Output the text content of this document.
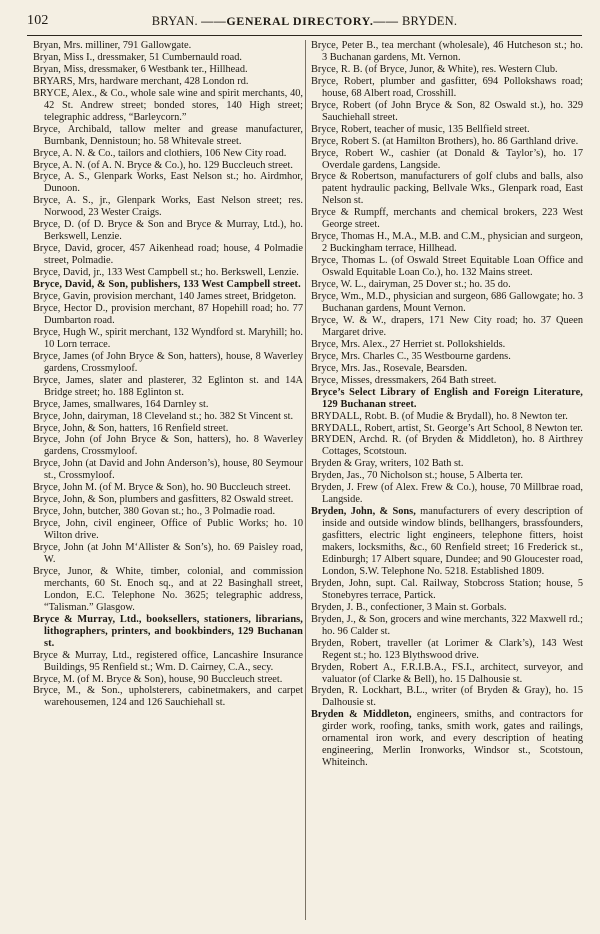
102	BRYAN. ——GENERAL DIRECTORY.—— BRYDEN.

Bryan, Mrs. milliner, 791 Gallowgate.

Bryan, Miss I., dressmaker, 51 Cumbernauld road.

Bryan, Miss, dressmaker, 6 Westbank ter., Hillhead.

BRYARS, Mrs, hardware merchant, 428 London rd.

BRYCE, Alex., & Co., whole sale wine and spirit merchants, 40, 42 St. Andrew street; bonded stores, 140 High street; telegraphic address, “Barleycorn.”

Bryce, Archibald, tallow melter and grease manufacturer, Burnbank, Dennistoun; ho. 58 Whitevale street.

Bryce, A. N. & Co., tailors and clothiers, 106 New City road.

Bryce, A. N. (of A. N. Bryce & Co.), ho. 129 Buccleuch street.

Bryce, A. S., Glenpark Works, East Nelson st.; ho. Airdmhor, Dunoon.

Bryce, A. S., jr., Glenpark Works, East Nelson street; res. Norwood, 23 Wester Craigs.

Bryce, D. (of D. Bryce & Son and Bryce & Murray, Ltd.), ho. Berkswell, Lenzie.

Bryce, David, grocer, 457 Aikenhead road; house, 4 Polmadie street, Polmadie.

Bryce, David, jr., 133 West Campbell st.; ho. Berkswell, Lenzie.

Bryce, David, & Son, publishers, 133 West Campbell street.

Bryce, Gavin, provision merchant, 140 James street, Bridgeton.

Bryce, Hector D., provision merchant, 87 Hopehill road; ho. 77 Dumbarton road.

Bryce, Hugh W., spirit merchant, 132 Wyndford st. Maryhill; ho. 10 Lorn terrace.

Bryce, James (of John Bryce & Son, hatters), house, 8 Waverley gardens, Crossmyloof.

Bryce, James, slater and plasterer, 32 Eglinton st. and 14A Bridge street; ho. 188 Eglinton st.

Bryce, James, smallwares, 164 Darnley st.

Bryce, John, dairyman, 18 Cleveland st.; ho. 382 St Vincent st.

Bryce, John, & Son, hatters, 16 Renfield street.

Bryce, John (of John Bryce & Son, hatters), ho. 8 Waverley gardens, Crossmyloof.

Bryce, John (at David and John Anderson’s), house, 80 Seymour st., Crossmyloof.

Bryce, John M. (of M. Bryce & Son), ho. 90 Buccleuch street.

Bryce, John, & Son, plumbers and gasfitters, 82 Oswald street.

Bryce, John, butcher, 380 Govan st.; ho., 3 Polmadie road.

Bryce, John, civil engineer, Office of Public Works; ho. 10 Wilton drive.

Bryce, John (at John M‘Allister & Son’s), ho. 69 Paisley road, W.

Bryce, Junor, & White, timber, colonial, and commission merchants, 60 St. Enoch sq., and at 22 Basinghall street, London, E.C. Telephone No. 3625; telegraphic address, “Talisman.” Glasgow.

Bryce & Murray, Ltd., booksellers, stationers, librarians, lithographers, printers, and bookbinders, 129 Buchanan st.

Bryce & Murray, Ltd., registered office, Lancashire Insurance Buildings, 95 Renfield st.; Wm. D. Cairney, C.A., secy.

Bryce, M. (of M. Bryce & Son), house, 90 Buccleuch street.

Bryce, M., & Son., upholsterers, cabinetmakers, and carpet warehousemen, 124 and 126 Sauchiehall st.

Bryce, Peter B., tea merchant (wholesale), 46 Hutcheson st.; ho. 3 Buchanan gardens, Mt. Vernon.

Bryce, R. B. (of Bryce, Junor, & White), res. Western Club.

Bryce, Robert, plumber and gasfitter, 694 Pollokshaws road; house, 68 Albert road, Crosshill.

Bryce, Robert (of John Bryce & Son, 82 Oswald st.), ho. 329 Sauchiehall street.

Bryce, Robert, teacher of music, 135 Bellfield street.

Bryce, Robert S. (at Hamilton Brothers), ho. 86 Garthland drive.

Bryce, Robert W., cashier (at Donald & Taylor’s), ho. 17 Overdale gardens, Langside.

Bryce & Robertson, manufacturers of golf clubs and balls, also patent hydraulic packing, Bellvale Wks., Glenpark road, East Nelson st.

Bryce & Rumpff, merchants and chemical brokers, 223 West George street.

Bryce, Thomas H., M.A., M.B. and C.M., physician and surgeon, 2 Buckingham terrace, Hillhead.

Bryce, Thomas L. (of Oswald Street Equitable Loan Office and Oswald Equitable Loan Co.), ho. 132 Mains street.

Bryce, W. L., dairyman, 25 Dover st.; ho. 35 do.

Bryce, Wm., M.D., physician and surgeon, 686 Gallowgate; ho. 3 Buchanan gardens, Mount Vernon.

Bryce, W. & W., drapers, 171 New City road; ho. 37 Queen Margaret drive.

Bryce, Mrs. Alex., 27 Herriet st. Pollokshields.

Bryce, Mrs. Charles C., 35 Westbourne gardens.

Bryce, Mrs. Jas., Rosevale, Bearsden.

Bryce, Misses, dressmakers, 264 Bath street.

Bryce’s Select Library of English and Foreign Literature, 129 Buchanan street.

BRYDALL, Robt. B. (of Mudie & Brydall), ho. 8 Newton ter.

BRYDALL, Robert, artist, St. George’s Art School, 8 Newton ter.

BRYDEN, Archd. R. (of Bryden & Middleton), ho. 8 Airthrey Cottages, Scotstoun.

Bryden & Gray, writers, 102 Bath st.

Bryden, Jas., 70 Nicholson st.; house, 5 Alberta ter.

Bryden, J. Frew (of Alex. Frew & Co.), house, 70 Millbrae road, Langside.

Bryden, John, & Sons, manufacturers of every description of inside and outside window blinds, bellhangers, brassfounders, gasfitters, electric light engineers, telephone fitters, hoist makers, locksmiths, &c., 60 Renfield street; 16 Frederick st., Edinburgh; 17 Albert square, Dundee; and 90 Gloucester road, London, S.W. Telephone No. 5218. Established 1809.

Bryden, John, supt. Cal. Railway, Stobcross Station; house, 5 Stonebyres terrace, Partick.

Bryden, J. B., confectioner, 3 Main st. Gorbals.

Bryden, J., & Son, grocers and wine merchants, 322 Maxwell rd.; ho. 96 Calder st.

Bryden, Robert, traveller (at Lorimer & Clark’s), 143 West Regent st.; ho. 123 Blythswood drive.

Bryden, Robert A., F.R.I.B.A., FS.I., architect, surveyor, and valuator (of Clarke & Bell), ho. 15 Dalhousie st.

Bryden, R. Lockhart, B.L., writer (of Bryden & Gray), ho. 15 Dalhousie st.

Bryden & Middleton, engineers, smiths, and contractors for girder work, roofing, tanks, smith work, gates and railings, ornamental iron work, and every description of heating engineering, Merlin Ironworks, Windsor st., Scotstoun, Whiteinch.
